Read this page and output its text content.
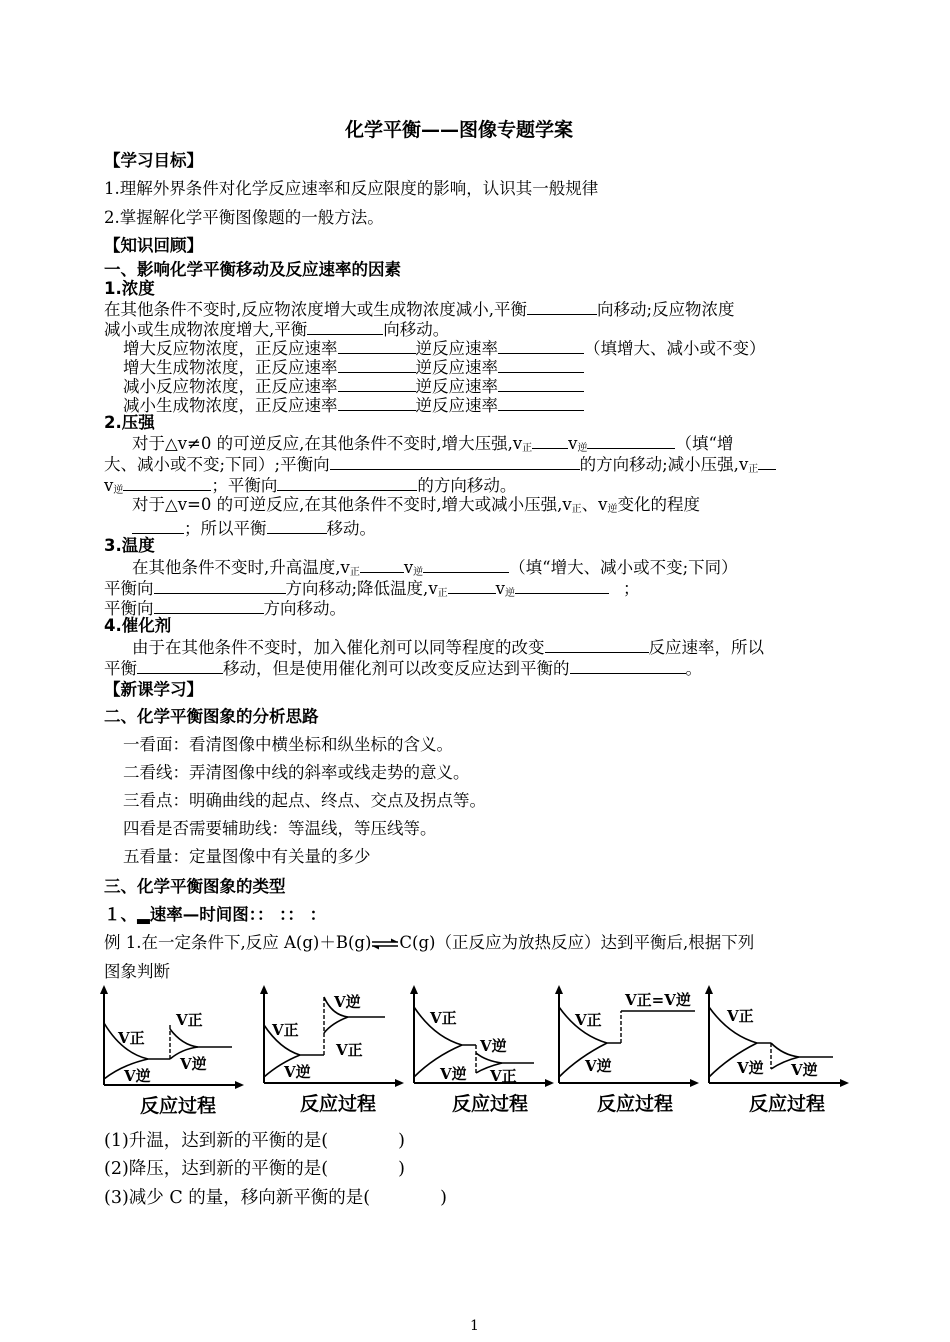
化学平衡——图像专题学案
【学习目标】
1.理解外界条件对化学反应速率和反应限度的影响，认识其一般规律
2.掌握解化学平衡图像题的一般方法。
【知识回顾】
一、影响化学平衡移动及反应速率的因素
1.浓度
在其他条件不变时,反应物浓度增大或生成物浓度减小,平衡	向移动;反应物浓度
减小或生成物浓度增大,平衡	向移动。
增大反应物浓度，正反应速率	逆反应速率	（填增大、减小或不变）
增大生成物浓度，正反应速率	逆反应速率
减小反应物浓度，正反应速率	逆反应速率
减小生成物浓度，正反应速率	逆反应速率
2.压强
对于△v≠0 的可逆反应,在其他条件不变时,增大压强$,v_正$ $v_逆$	（填“增
大、减小或不变;下同）;平衡向	的方向移动;减小压强$,v_正$
$v_逆$	；平衡向	的方向移动。
对于△v=0 的可逆反应,在其他条件不变时,增大或减小压强$,v_正$、$v_逆$变化的程度
；所以平衡	移动。
3.温度
在其他条件不变时,升高温度$,v_正$	$v_逆$	（填“增大、减小或不变;下同）
平衡向	方向移动;降低温度$,v_正$	$v_逆$	；
平衡向	方向移动。
4.催化剂
由于在其他条件不变时，加入催化剂可以同等程度的改变	反应速率，所以
平衡	移动，但是使用催化剂可以改变反应达到平衡的	。
【新课学习】
二、化学平衡图象的分析思路
一看面：看清图像中横坐标和纵坐标的含义。
二看线：弄清图像中线的斜率或线走势的意义。
三看点：明确曲线的起点、终点、交点及拐点等。
四看是否需要辅助线：等温线，等压线等。
五看量：定量图像中有关量的多少
三、化学平衡图象的类型
１、▂速率—时间图：： ：： ：
例 1.在一定条件下,反应 A(g)＋B(g)⇌C(g)（正反应为放热反应）达到平衡后,根据下列
图象判断
V正
V逆
V正
V逆
反应过程
V正
V逆
V逆
V正
反应过程
V正
V逆
V逆
V正
反应过程
V正
V逆
V正=V逆
反应过程
V正
V逆 V逆
反应过程
(1)升温，达到新的平衡的是(　　　　)
(2)降压，达到新的平衡的是(　　　　)
(3)减少 C 的量，移向新平衡的是(　　　　)
1
